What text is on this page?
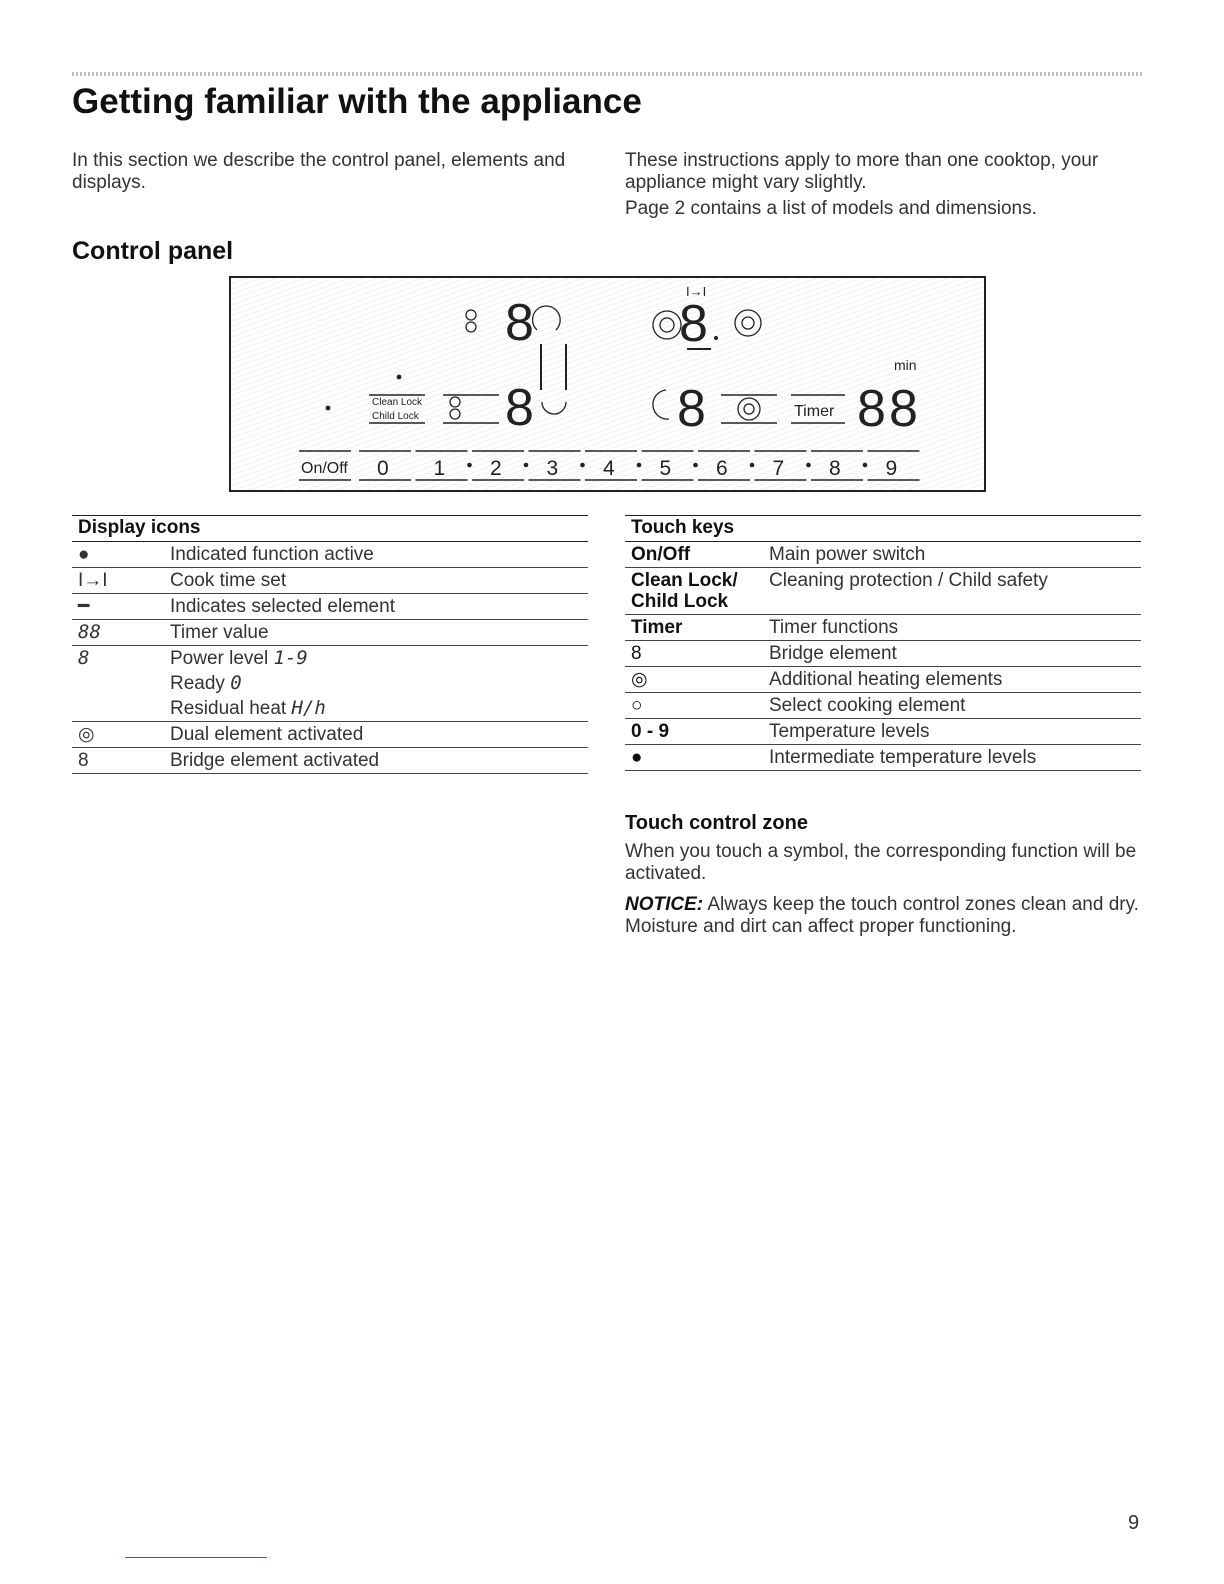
Getting familiar with the appliance

In this section we describe the control panel, elements and displays.

These instructions apply to more than one cooktop, your appliance might vary slightly.

Page 2 contains a list of models and dimensions.

Control panel
8
Clean Lock
Child Lock 8
I→I
8
min
8	Timer 8 8
On/Off 0 1 2 3 4 5 6 7 8 9
Display icons	
●	Indicated function active
I→I	Cook time set
━	Indicates selected element
88	Timer value
8	Power level 1-9
	Ready 0
	Residual heat H/h
◎	Dual element activated
8	Bridge element activated
Touch keys	
On/Off	Main power switch
Clean Lock/ Child Lock	Cleaning protection / Child safety
Timer	Timer functions
8	Bridge element
◎	Additional heating elements
○	Select cooking element
0 - 9	Temperature levels
●	Intermediate temperature levels
Touch control zone
When you touch a symbol, the corresponding function will be activated.
NOTICE: Always keep the touch control zones clean and dry. Moisture and dirt can affect proper functioning.
9
